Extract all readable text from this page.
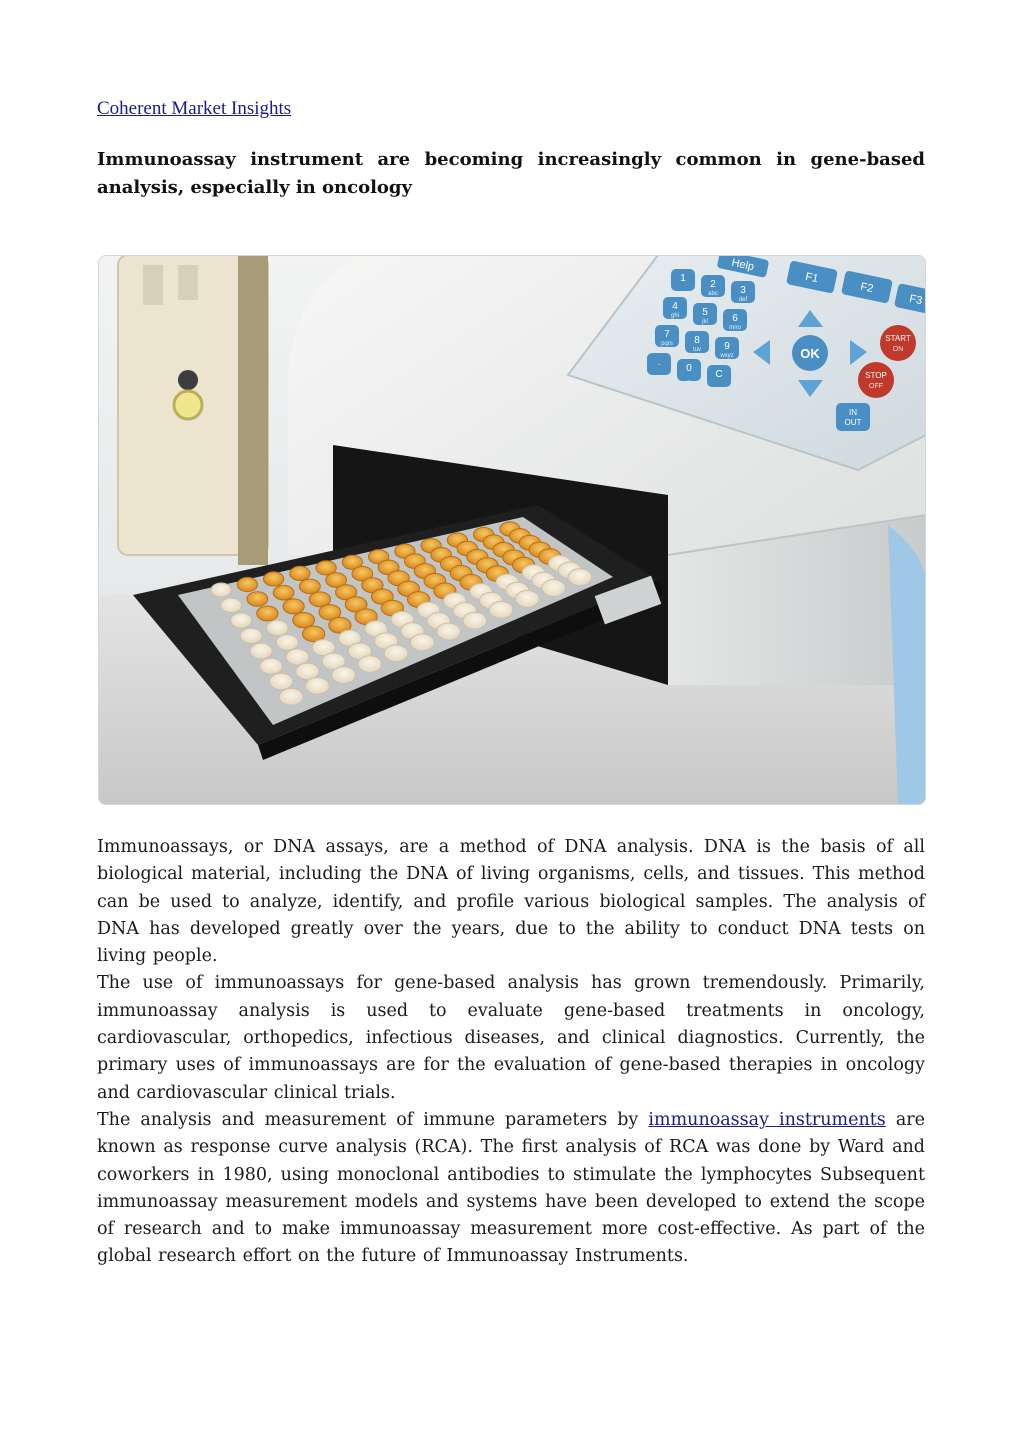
Coherent Market Insights
Immunoassay instrument are becoming increasingly common in gene-based analysis, especially in oncology
Help
F1
F2
F3
1
2
abc 3
def
4
ghi 5
jkl 6
mno
7
pqrs 8
tuv 9
wxyz
.
0
_ C
OK
START
ON
STOP
OFF
IN
OUT

Immunoassays, or DNA assays, are a method of DNA analysis. DNA is the basis of all biological material, including the DNA of living organisms, cells, and tissues. This method can be used to analyze, identify, and profile various biological samples. The analysis of DNA has developed greatly over the years, due to the ability to conduct DNA tests on living people.

The use of immunoassays for gene-based analysis has grown tremendously. Primarily, immunoassay analysis is used to evaluate gene-based treatments in oncology, cardiovascular, orthopedics, infectious diseases, and clinical diagnostics. Currently, the primary uses of immunoassays are for the evaluation of gene-based therapies in oncology and cardiovascular clinical trials.

The analysis and measurement of immune parameters by immunoassay instruments are known as response curve analysis (RCA). The first analysis of RCA was done by Ward and coworkers in 1980, using monoclonal antibodies to stimulate the lymphocytes Subsequent immunoassay measurement models and systems have been developed to extend the scope of research and to make immunoassay measurement more cost-effective. As part of the global research effort on the future of Immunoassay Instruments.
